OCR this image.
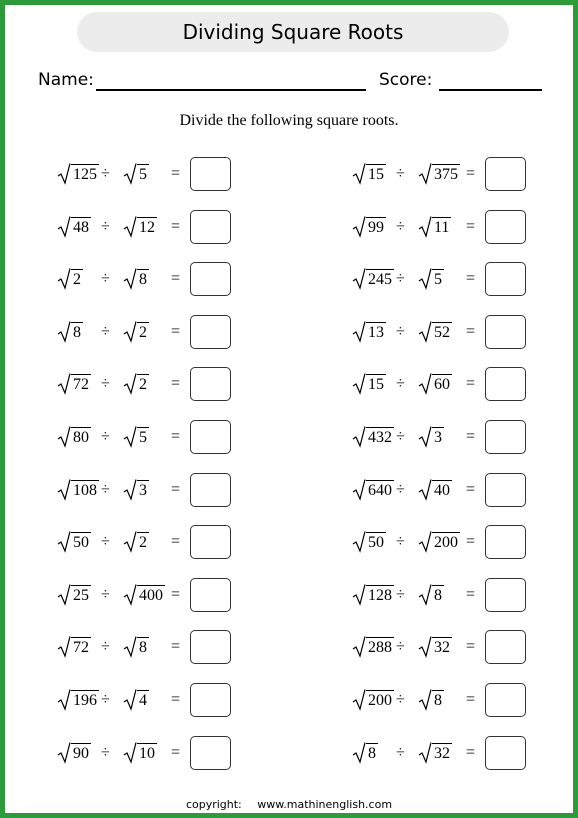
Dividing Square Roots
Name:	Score:
Divide the following square roots.
125 ÷ 5 =
48 ÷ 12 =
2 ÷ 8 =
8 ÷ 2 =
72 ÷ 2 =
80 ÷ 5 =
108 ÷ 3 =
50 ÷ 2 =
25 ÷ 400 =
72 ÷ 8 =
196 ÷ 4 =
90 ÷ 10 =
15 ÷ 375 =
99 ÷ 11 =
245 ÷ 5 =
13 ÷ 52 =
15 ÷ 60 =
432 ÷ 3 =
640 ÷ 40 =
50 ÷ 200 =
128 ÷ 8 =
288 ÷ 32 =
200 ÷ 8 =
8 ÷ 32 =
copyright: www.mathinenglish.com
